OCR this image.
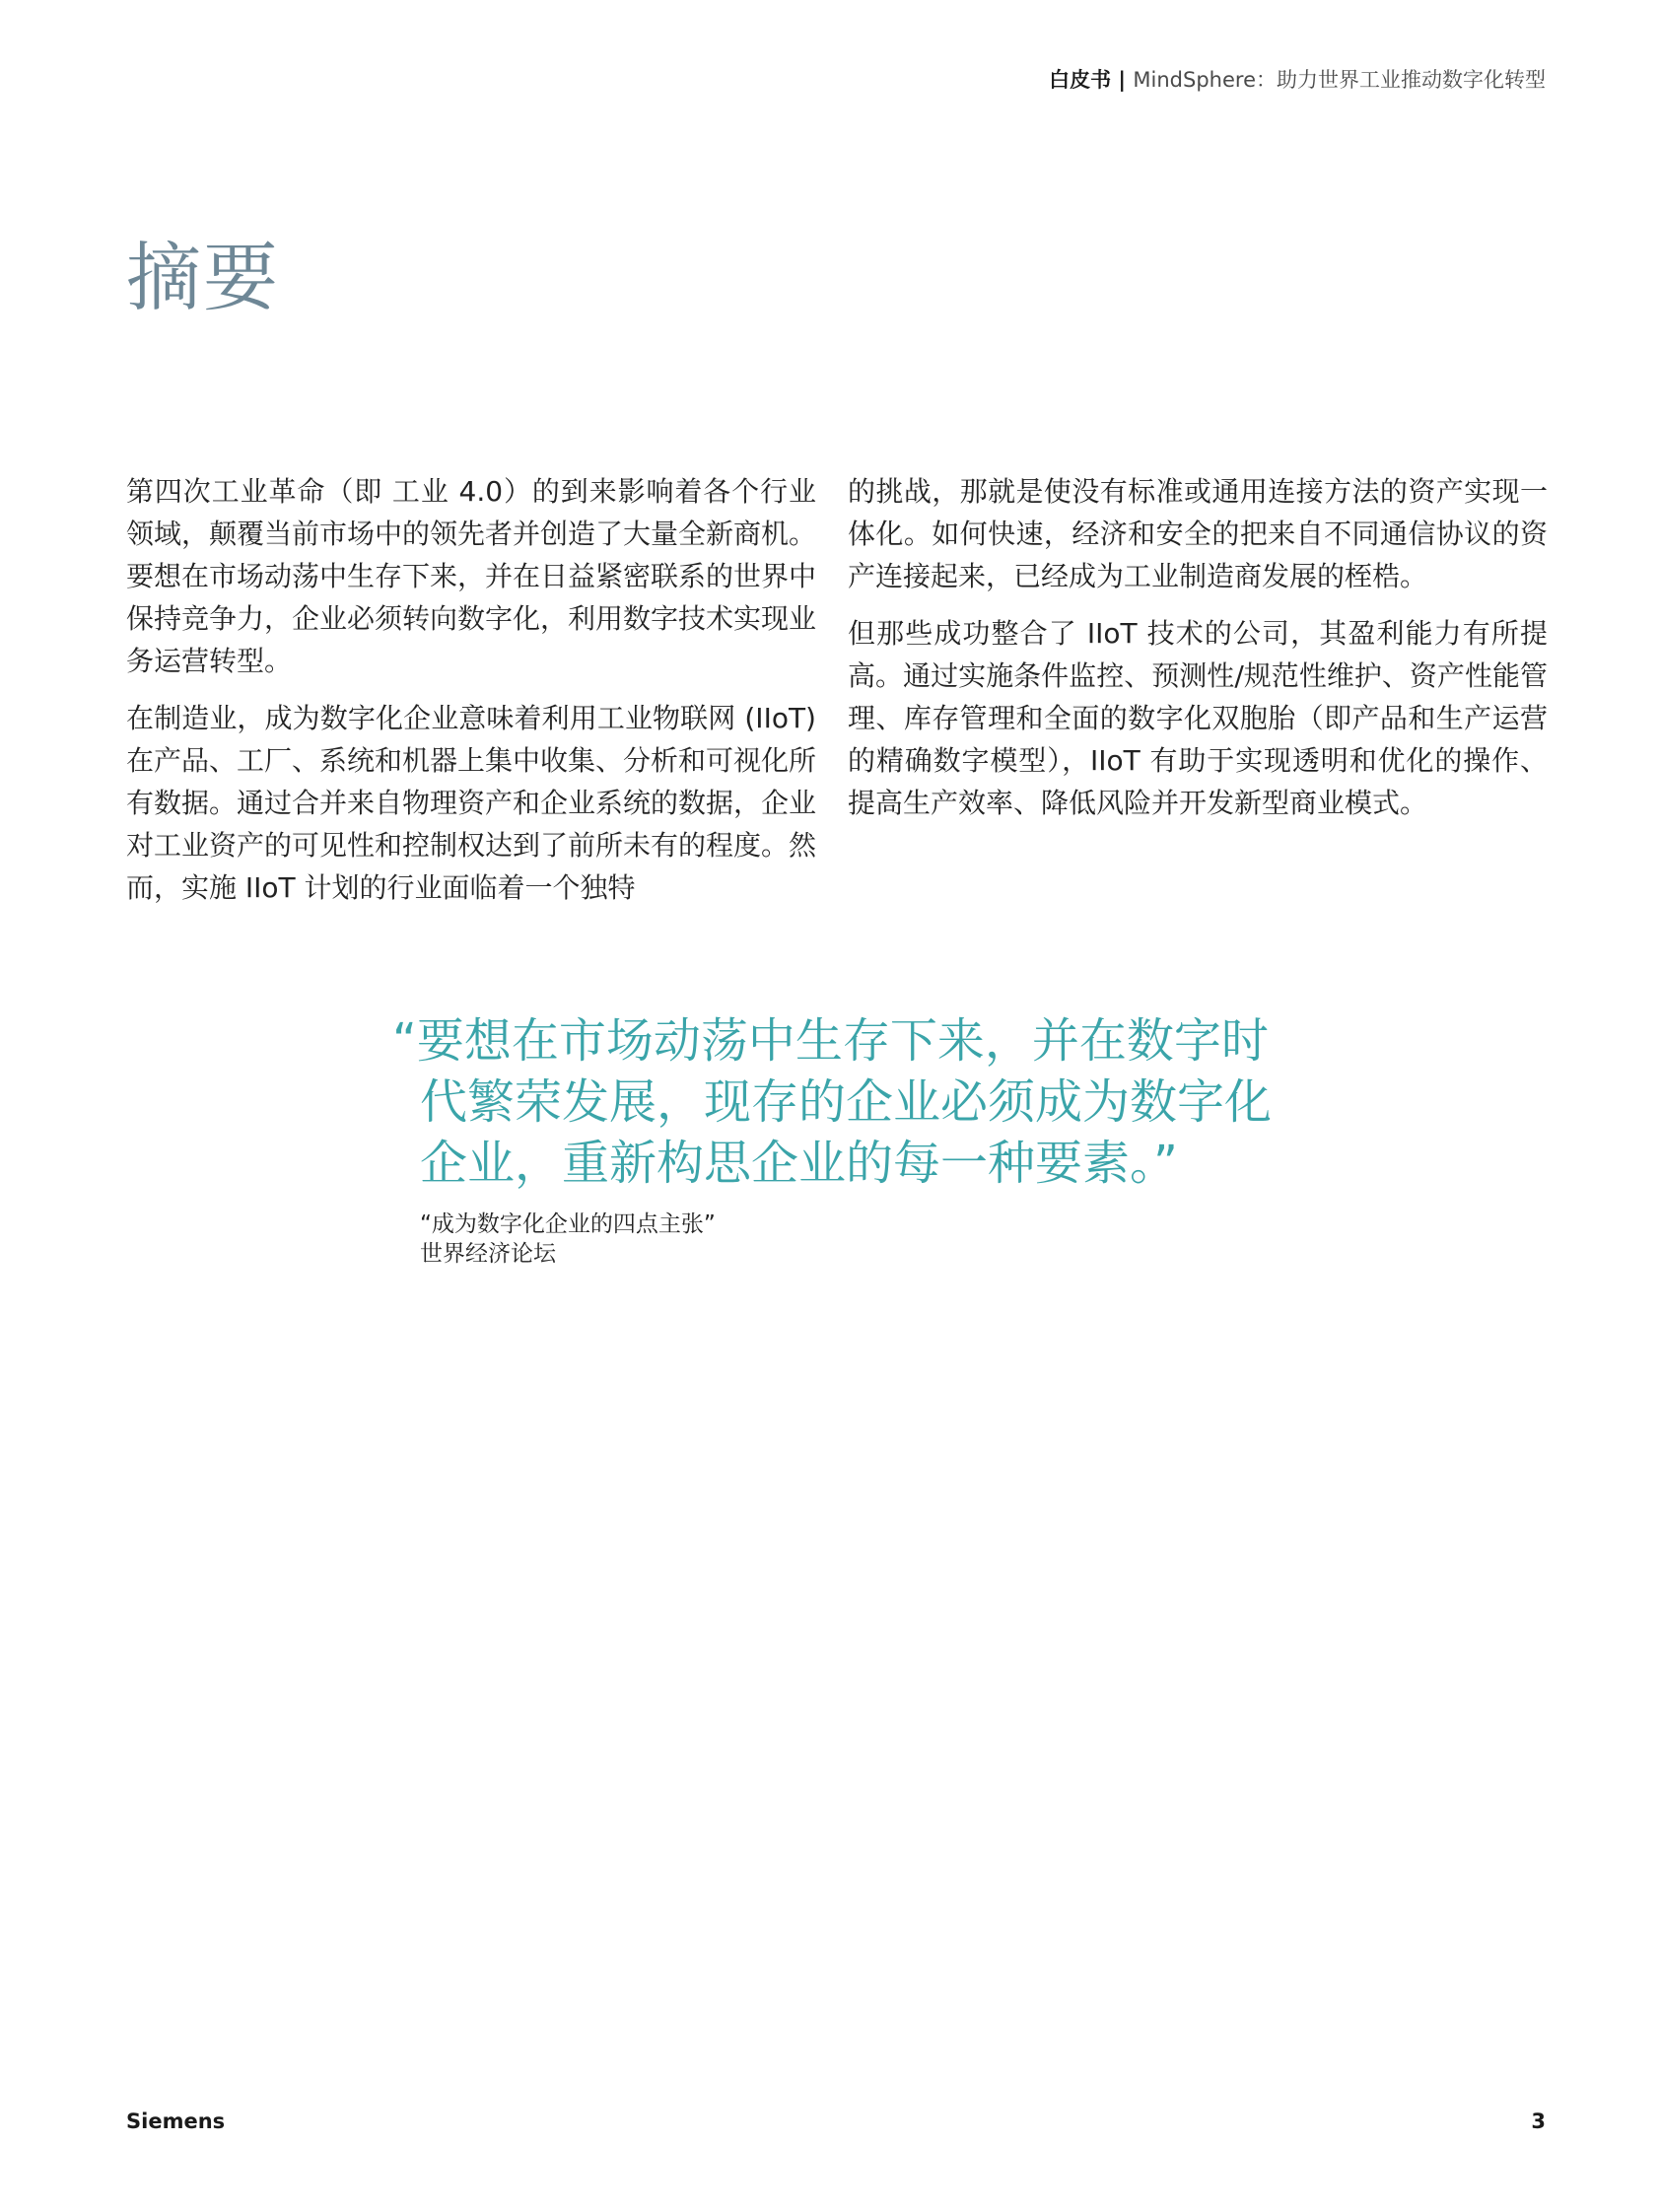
白皮书 | MindSphere：助力世界工业推动数字化转型
摘要

第四次工业革命（即 工业 4.0）的到来影响着各个行业领域，颠覆当前市场中的领先者并创造了大量全新商机。要想在市场动荡中生存下来，并在日益紧密联系的世界中保持竞争力，企业必须转向数字化，利用数字技术实现业务运营转型。

在制造业，成为数字化企业意味着利用工业物联网 (IIoT) 在产品、工厂、系统和机器上集中收集、分析和可视化所有数据。通过合并来自物理资产和企业系统的数据，企业对工业资产的可见性和控制权达到了前所未有的程度。然而，实施 IIoT 计划的行业面临着一个独特

的挑战，那就是使没有标准或通用连接方法的资产实现一体化。如何快速，经济和安全的把来自不同通信协议的资产连接起来，已经成为工业制造商发展的桎梏。

但那些成功整合了 IIoT 技术的公司，其盈利能力有所提高。通过实施条件监控、预测性/规范性维护、资产性能管理、库存管理和全面的数字化双胞胎（即产品和生产运营的精确数字模型），IIoT 有助于实现透明和优化的操作、提高生产效率、降低风险并开发新型商业模式。

“要想在市场动荡中生存下来，并在数字时代繁荣发展，现存的企业必须成为数字化企业，重新构思企业的每一种要素。”

“成为数字化企业的四点主张”
世界经济论坛
Siemens	3
